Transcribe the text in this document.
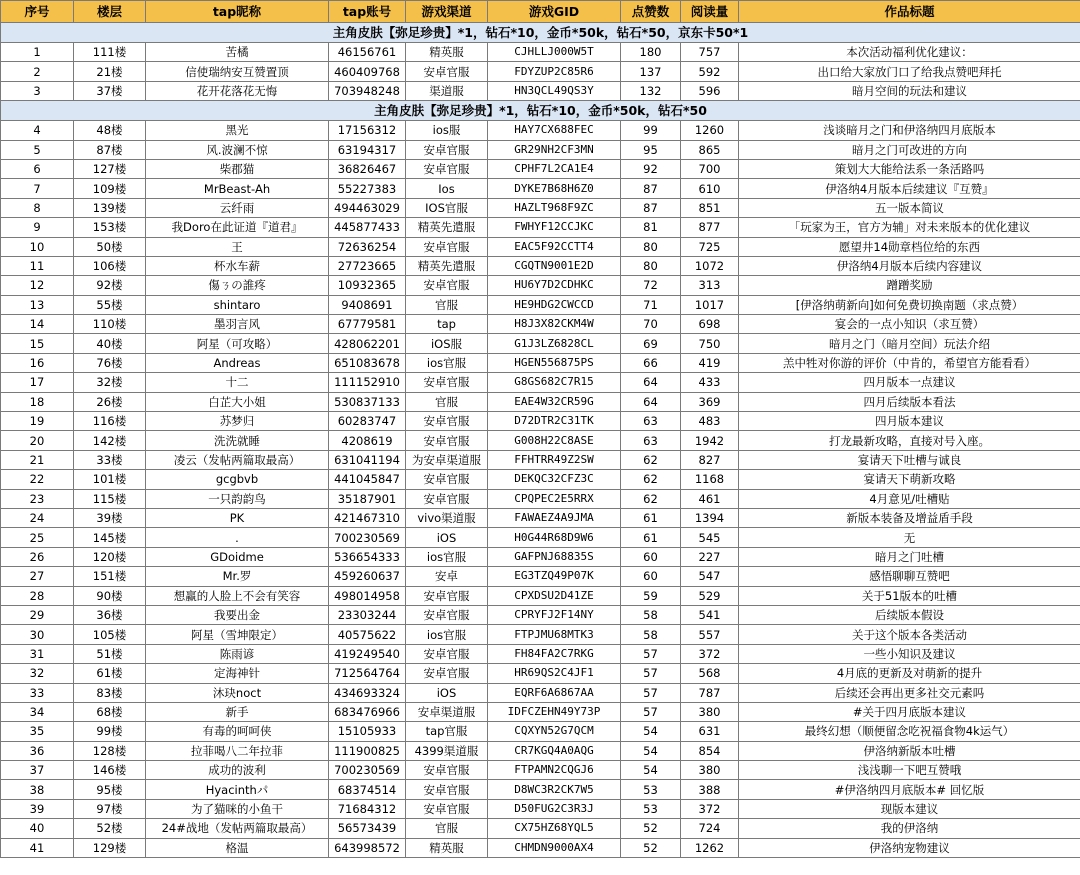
序号	楼层	tap昵称	tap账号	游戏渠道	游戏GID	点赞数	阅读量	作品标题
主角皮肤【弥足珍贵】*1，钻石*10，金币*50k，钻石*50，京东卡50*1								
1	111楼	苦橘	46156761	精英服	CJHLLJ000W5T	180	757	本次活动福利优化建议：
2	21楼	信使瑞纳安互赞置顶	460409768	安卓官服	FDYZUP2C85R6	137	592	出口给大家放门口了给我点赞吧拜托
3	37楼	花开花落花无悔	703948248	渠道服	HN3QCL49QS3Y	132	596	暗月空间的玩法和建议
主角皮肤【弥足珍贵】*1，钻石*10，金币*50k，钻石*50								
4	48楼	黑光	17156312	ios服	HAY7CX688FEC	99	1260	浅谈暗月之门和伊洛纳四月底版本
5	87楼	风.波澜不惊	63194317	安卓官服	GR29NH2CF3MN	95	865	暗月之门可改进的方向
6	127楼	柴郡猫	36826467	安卓官服	CPHF7L2CA1E4	92	700	策划大大能给法系一条活路吗
7	109楼	MrBeast-Ah	55227383	Ios	DYKE7B68H6Z0	87	610	伊洛纳4月版本后续建议『互赞』
8	139楼	云纤雨	494463029	IOS官服	HAZLT968F9ZC	87	851	五一版本简议
9	153楼	我Doro在此证道『道君』	445877433	精英先遣服	FWHYF12CCJKC	81	877	「玩家为王，官方为辅」对未来版本的优化建议
10	50楼	王	72636254	安卓官服	EAC5F92CCTT4	80	725	愿望井14勋章档位给的东西
11	106楼	杯水车薪	27723665	精英先遣服	CGQTN9001E2D	80	1072	伊洛纳4月版本后续内容建议
12	92楼	傷ㄋの誰疼	10932365	安卓官服	HU6Y7D2CDHKC	72	313	蹭蹭奖励
13	55楼	shintaro	9408691	官服	HE9HDG2CWCCD	71	1017	[伊洛纳萌新向]如何免费切换南题（求点赞）
14	110楼	墨羽言风	67779581	tap	H8J3X82CKM4W	70	698	宴会的一点小知识（求互赞）
15	40楼	阿星（可攻略）	428062201	iOS服	G1J3LZ6828CL	69	750	暗月之门（暗月空间）玩法介绍
16	76楼	Andreas	651083678	ios官服	HGEN556875PS	66	419	羔中牲对你游的评价（中肯的，希望官方能看看）
17	32楼	十二	111152910	安卓官服	G8GS682C7R15	64	433	四月版本一点建议
18	26楼	白芷大小姐	530837133	官服	EAE4W32CR59G	64	369	四月后续版本看法
19	116楼	苏梦归	60283747	安卓官服	D72DTR2C31TK	63	483	四月版本建议
20	142楼	洗洗就睡	4208619	安卓官服	G008H22C8ASE	63	1942	打龙最新攻略，直接对号入座。
21	33楼	凌云（发帖两篇取最高）	631041194	为安卓渠道服	FFHTRR49Z2SW	62	827	宴请天下吐槽与诚良
22	101楼	gcgbvb	441045847	安卓官服	DEKQC32CFZ3C	62	1168	宴请天下萌新攻略
23	115楼	一只韵韵鸟	35187901	安卓官服	CPQPEC2E5RRX	62	461	4月意见/吐槽贴
24	39楼	PK	421467310	vivo渠道服	FAWAEZ4A9JMA	61	1394	新版本装备及增益盾手段
25	145楼	.	700230569	iOS	H0G44R68D9W6	61	545	无
26	120楼	GDoidme	536654333	ios官服	GAFPNJ68835S	60	227	暗月之门吐槽
27	151楼	Mr.罗	459260637	安卓	EG3TZQ49P07K	60	547	感悟聊聊互赞吧
28	90楼	想赢的人脸上不会有笑容	498014958	安卓官服	CPXDSU2D41ZE	59	529	关于51版本的吐槽
29	36楼	我要出金	23303244	安卓官服	CPRYFJ2F14NY	58	541	后续版本假设
30	105楼	阿星（雪坤限定）	40575622	ios官服	FTPJMU68MTK3	58	557	关于这个版本各类活动
31	51楼	陈雨谚	419249540	安卓官服	FH84FA2C7RKG	57	372	一些小知识及建议
32	61楼	定海神针	712564764	安卓官服	HR69QS2C4JF1	57	568	4月底的更新及对萌新的提升
33	83楼	沐玦noct	434693324	iOS	EQRF6A6867AA	57	787	后续还会再出更多社交元素吗
34	68楼	新手	683476966	安卓渠道服	IDFCZEHN49Y73P	57	380	#关于四月底版本建议
35	99楼	有毒的呵呵侠	15105933	tap官服	CQXYN52G7QCM	54	631	最终幻想（顺便留念吃祝福食物4k运气）
36	128楼	拉菲喝八二年拉菲	111900825	4399渠道服	CR7KGQ4A0AQG	54	854	伊洛纳新版本吐槽
37	146楼	成功的波利	700230569	安卓官服	FTPAMN2CQGJ6	54	380	浅浅聊一下吧互赞哦
38	95楼	Hyacinthパ	68374514	安卓官服	D8WC3R2CK7W5	53	388	#伊洛纳四月底版本# 回忆版
39	97楼	为了猫咪的小鱼干	71684312	安卓官服	D50FUG2C3R3J	53	372	现版本建议
40	52楼	24#战地（发帖两篇取最高）	56573439	官服	CX75HZ68YQL5	52	724	我的伊洛纳
41	129楼	格温	643998572	精英服	CHMDN9000AX4	52	1262	伊洛纳宠物建议
